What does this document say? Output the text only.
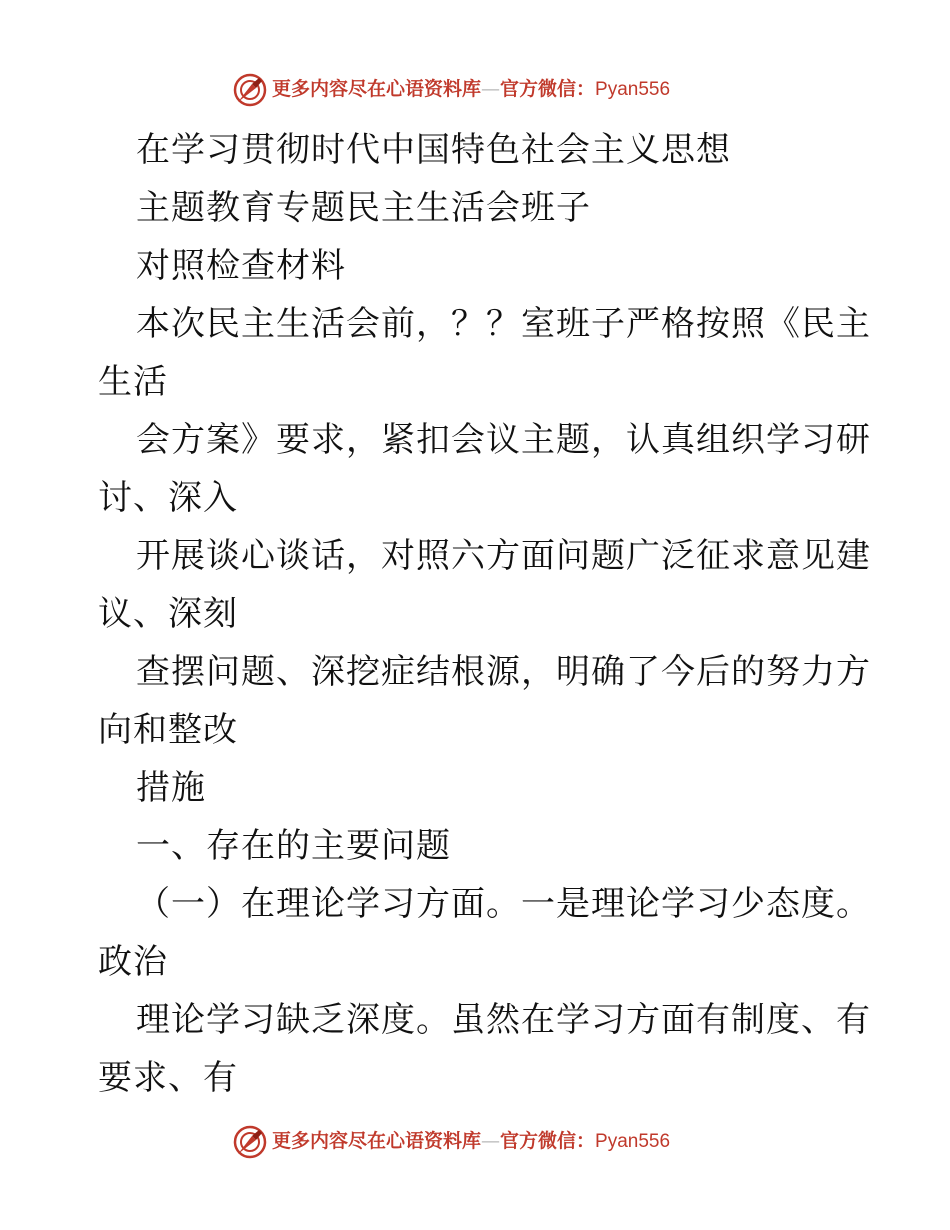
更多内容尽在心语资料库—官方微信：Pyan556
在学习贯彻时代中国特色社会主义思想
主题教育专题民主生活会班子
对照检查材料
本次民主生活会前，？？室班子严格按照《民主
生活
会方案》要求，紧扣会议主题，认真组织学习研
讨、深入
开展谈心谈话，对照六方面问题广泛征求意见建
议、深刻
查摆问题、深挖症结根源，明确了今后的努力方
向和整改
措施
一、存在的主要问题
（一）在理论学习方面。一是理论学习少态度。
政治
理论学习缺乏深度。虽然在学习方面有制度、有
要求、有
更多内容尽在心语资料库—官方微信：Pyan556
